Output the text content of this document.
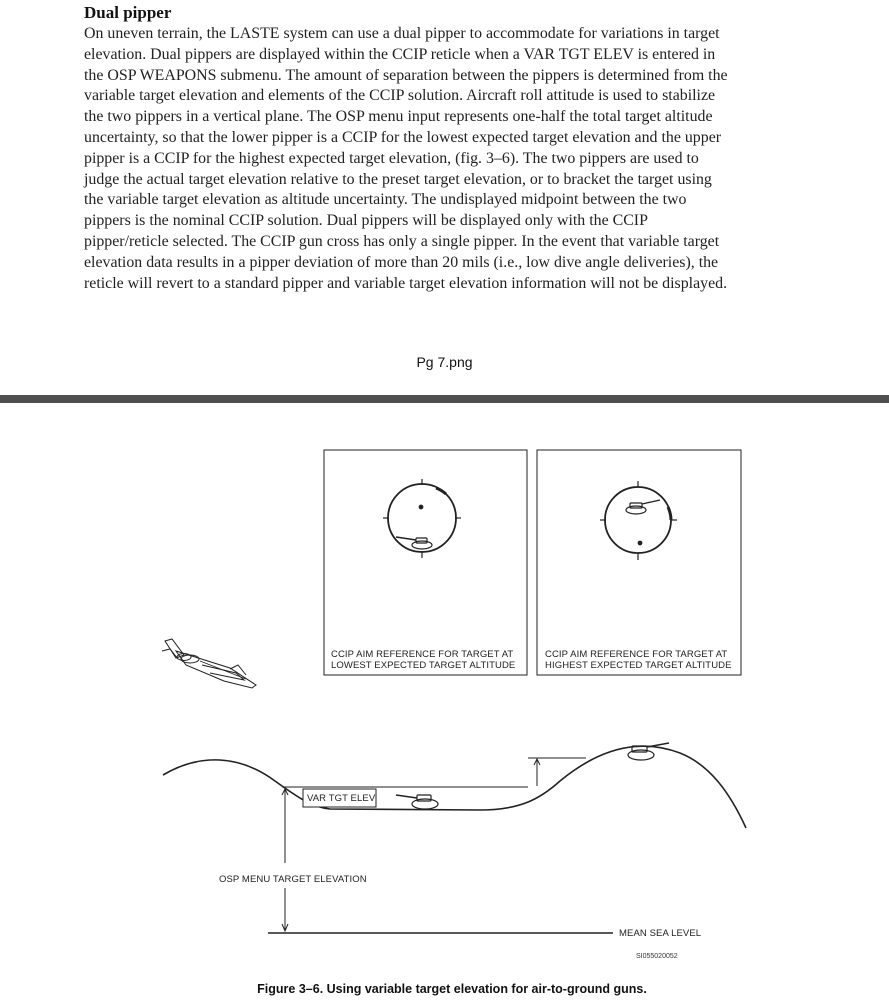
Dual pipper
On uneven terrain, the LASTE system can use a dual pipper to accommodate for variations in target
elevation. Dual pippers are displayed within the CCIP reticle when a VAR TGT ELEV is entered in
the OSP WEAPONS submenu. The amount of separation between the pippers is determined from the
variable target elevation and elements of the CCIP solution. Aircraft roll attitude is used to stabilize
the two pippers in a vertical plane. The OSP menu input represents one-half the total target altitude
uncertainty, so that the lower pipper is a CCIP for the lowest expected target elevation and the upper
pipper is a CCIP for the highest expected target elevation, (fig. 3–6). The two pippers are used to
judge the actual target elevation relative to the preset target elevation, or to bracket the target using
the variable target elevation as altitude uncertainty. The undisplayed midpoint between the two
pippers is the nominal CCIP solution. Dual pippers will be displayed only with the CCIP
pipper/reticle selected. The CCIP gun cross has only a single pipper. In the event that variable target
elevation data results in a pipper deviation of more than 20 mils (i.e., low dive angle deliveries), the
reticle will revert to a standard pipper and variable target elevation information will not be displayed.
Pg 7.png
CCIP AIM REFERENCE FOR TARGET AT
LOWEST EXPECTED TARGET ALTITUDE
CCIP AIM REFERENCE FOR TARGET AT
HIGHEST EXPECTED TARGET ALTITUDE
VAR TGT ELEV
OSP MENU TARGET ELEVATION
MEAN SEA LEVEL
SI055020052
Figure 3–6. Using variable target elevation for air-to-ground guns.
